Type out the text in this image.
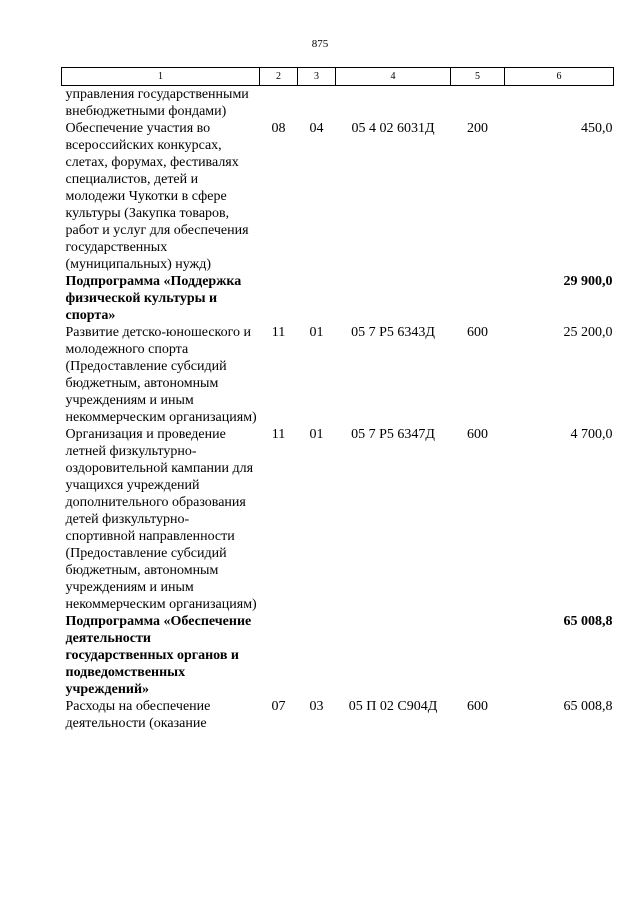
875
1	2	3	4	5	6
управления государственными внебюджетными фондами)					
Обеспечение участия во всероссийских конкурсах, слетах, форумах, фестивалях специалистов, детей и молодежи Чукотки в сфере культуры (Закупка товаров, работ и услуг для обеспечения государственных (муниципальных) нужд)	08	04	05 4 02 6031Д	200	450,0
Подпрограмма «Поддержка физической культуры и спорта»					29 900,0
Развитие детско-юношеского и молодежного спорта (Предоставление субсидий бюджетным, автономным учреждениям и иным некоммерческим организациям)	11	01	05 7 P5 6343Д	600	25 200,0
Организация и проведение летней физкультурно-оздоровительной кампании для учащихся учреждений дополнительного образования детей физкультурно-спортивной направленности (Предоставление субсидий бюджетным, автономным учреждениям и иным некоммерческим организациям)	11	01	05 7 P5 6347Д	600	4 700,0
Подпрограмма «Обеспечение деятельности государственных органов и подведомственных учреждений»					65 008,8
Расходы на обеспечение деятельности (оказание	07	03	05 П 02 С904Д	600	65 008,8
